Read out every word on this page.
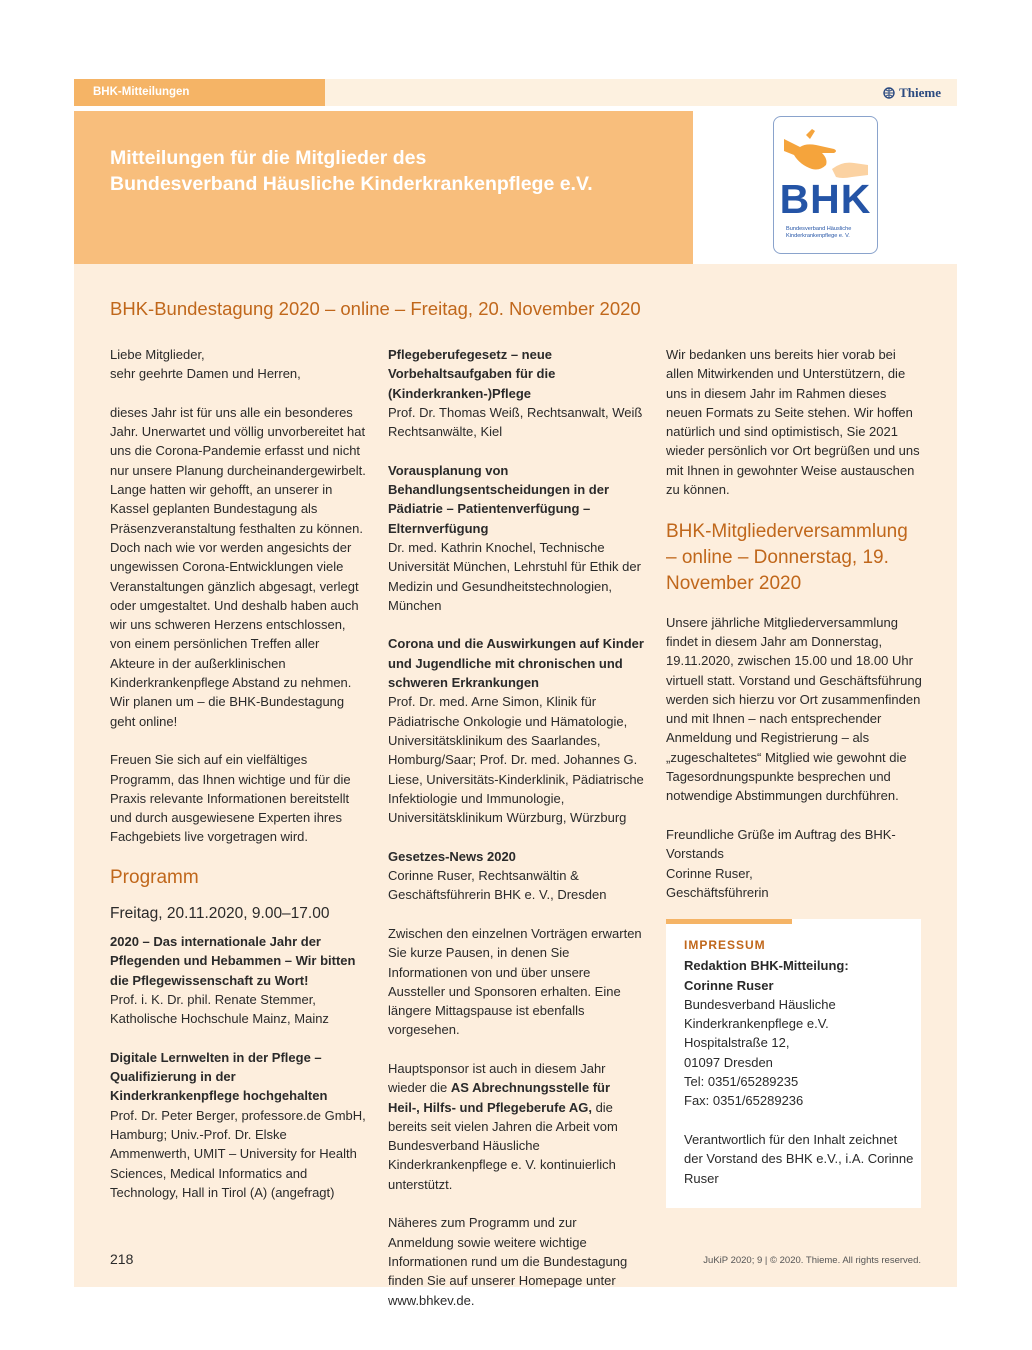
BHK-Mitteilungen	Thieme
Mitteilungen für die Mitglieder des
Bundesverband Häusliche Kinderkrankenpflege e.V.	BHK
Bundesverband Häusliche
Kinderkrankenpflege e. V.
BHK-Bundestagung 2020 – online – Freitag, 20. November 2020

Liebe Mitglieder,
sehr geehrte Damen und Herren,

dieses Jahr ist für uns alle ein besonderes Jahr. Unerwartet und völlig unvorbereitet hat uns die Corona-Pandemie erfasst und nicht nur unsere Planung durcheinandergewirbelt. Lange hatten wir gehofft, an unserer in Kassel geplanten Bundestagung als Präsenzveranstaltung festhalten zu können. Doch nach wie vor werden angesichts der ungewissen Corona-Entwicklungen viele Veranstaltungen gänzlich abgesagt, verlegt oder umgestaltet. Und deshalb haben auch wir uns schweren Herzens entschlossen, von einem persönlichen Treffen aller Akteure in der außerklinischen Kinderkrankenpflege Abstand zu nehmen. Wir planen um – die BHK-Bundestagung geht online!

Freuen Sie sich auf ein vielfältiges Programm, das Ihnen wichtige und für die Praxis relevante Informationen bereitstellt und durch ausgewiesene Experten ihres Fachgebiets live vorgetragen wird.

Programm
Freitag, 20.11.2020, 9.00–17.00
2020 – Das internationale Jahr der Pflegenden und Hebammen – Wir bitten die Pflegewissenschaft zu Wort!
Prof. i. K. Dr. phil. Renate Stemmer, Katholische Hochschule Mainz, Mainz
Digitale Lernwelten in der Pflege – Qualifizierung in der Kinderkrankenpflege hochgehalten
Prof. Dr. Peter Berger, professore.de GmbH, Hamburg; Univ.-Prof. Dr. Elske Ammenwerth, UMIT – University for Health Sciences, Medical Informatics and Technology, Hall in Tirol (A) (angefragt)
Pflegeberufegesetz – neue Vorbehaltsaufgaben für die (Kinderkranken-)Pflege
Prof. Dr. Thomas Weiß, Rechtsanwalt, Weiß Rechtsanwälte, Kiel
Vorausplanung von Behandlungsentscheidungen in der Pädiatrie – Patientenverfügung – Elternverfügung
Dr. med. Kathrin Knochel, Technische Universität München, Lehrstuhl für Ethik der Medizin und Gesundheitstechnologien, München
Corona und die Auswirkungen auf Kinder und Jugendliche mit chronischen und schweren Erkrankungen
Prof. Dr. med. Arne Simon, Klinik für Pädiatrische Onkologie und Hämatologie, Universitätsklinikum des Saarlandes, Homburg/Saar; Prof. Dr. med. Johannes G. Liese, Universitäts-Kinderklinik, Pädiatrische Infektiologie und Immunologie, Universitätsklinikum Würzburg, Würzburg
Gesetzes-News 2020
Corinne Ruser, Rechtsanwältin & Geschäftsführerin BHK e. V., Dresden

Zwischen den einzelnen Vorträgen erwarten Sie kurze Pausen, in denen Sie Informationen von und über unsere Aussteller und Sponsoren erhalten. Eine längere Mittagspause ist ebenfalls vorgesehen.

Hauptsponsor ist auch in diesem Jahr wieder die AS Abrechnungsstelle für Heil-, Hilfs- und Pflegeberufe AG, die bereits seit vielen Jahren die Arbeit vom Bundesverband Häusliche Kinderkrankenpflege e. V. kontinuierlich unterstützt.

Näheres zum Programm und zur Anmeldung sowie weitere wichtige Informationen rund um die Bundestagung finden Sie auf unserer Homepage unter www.bhkev.de.

Wir bedanken uns bereits hier vorab bei allen Mitwirkenden und Unterstützern, die uns in diesem Jahr im Rahmen dieses neuen Formats zu Seite stehen. Wir hoffen natürlich und sind optimistisch, Sie 2021 wieder persönlich vor Ort begrüßen und uns mit Ihnen in gewohnter Weise austauschen zu können.

BHK-Mitgliederversammlung – online – Donnerstag, 19. November 2020

Unsere jährliche Mitgliederversammlung findet in diesem Jahr am Donnerstag, 19.11.2020, zwischen 15.00 und 18.00 Uhr virtuell statt. Vorstand und Geschäftsführung werden sich hierzu vor Ort zusammenfinden und mit Ihnen – nach entsprechender Anmeldung und Registrierung – als „zugeschaltetes“ Mitglied wie gewohnt die Tagesordnungspunkte besprechen und notwendige Abstimmungen durchführen.

Freundliche Grüße im Auftrag des BHK-Vorstands
Corinne Ruser,
Geschäftsführerin

IMPRESSUM
Redaktion BHK-Mitteilung:
Corinne Ruser
Bundesverband Häusliche Kinderkrankenpflege e.V.
Hospitalstraße 12,
01097 Dresden
Tel: 0351/65289235
Fax: 0351/65289236
Verantwortlich für den Inhalt zeichnet der Vorstand des BHK e.V., i.A. Corinne Ruser
218	JuKiP 2020; 9 | © 2020. Thieme. All rights reserved.
